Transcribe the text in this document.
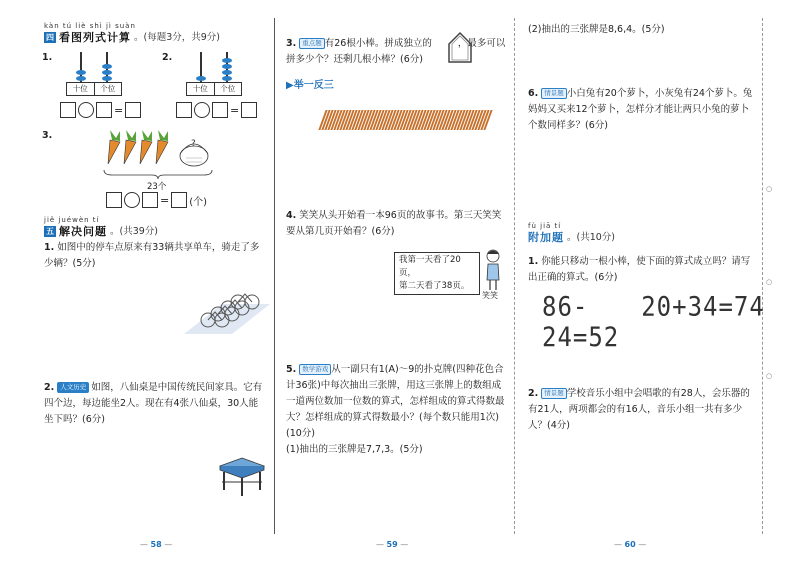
○
○
○
kàn tú liè shì jì suàn
四 看图列式计算 。(每题3分，共9分)
1.
十位	个位
2.
十位	个位
=	=
3.
?
23个
= (个)
jiě juéwèn tí
五 解决问题 。(共39分)
1. 如图中的停车点原来有33辆共享单车，骑走了多少辆？(5分)
2. 人文历史 如图，八仙桌是中国传统民间家具。它有四个边，每边能坐2人。现在有4张八仙桌，30人能坐下吗？(6分)
3. 重点题 有26根小棒。拼成独立的	，最多可以拼多少个？还剩几根小棒？(6分)
▶举一反三
4. 笑笑从头开始看一本96页的故事书。第三天笑笑要从第几页开始看？(6分)
我第一天看了20页，
第二天看了38页。
笑笑
5. 数学游戏 从一副只有1(A)～9的扑克牌(四种花色合计36张)中每次抽出三张牌，用这三张牌上的数组成一道两位数加一位数的算式，怎样组成的算式得数最大？怎样组成的算式得数最小？(每个数只能用1次)(10分)
(1)抽出的三张牌是7,7,3。(5分)
(2)抽出的三张牌是8,6,4。(5分)
6. 情景题 小白兔有20个萝卜，小灰兔有24个萝卜。兔妈妈又买来12个萝卜，怎样分才能让两只小兔的萝卜个数同样多？(6分)
fù jiā tí
附加题 。(共10分)
1. 你能只移动一根小棒，使下面的算式成立吗？请写出正确的算式。(6分)
86-24=52
20+34=74
2. 情景题 学校音乐小组中会唱歌的有28人，会乐器的有21人，两项都会的有16人，音乐小组一共有多少人？(4分)
— 58 —	— 59 —	— 60 —
